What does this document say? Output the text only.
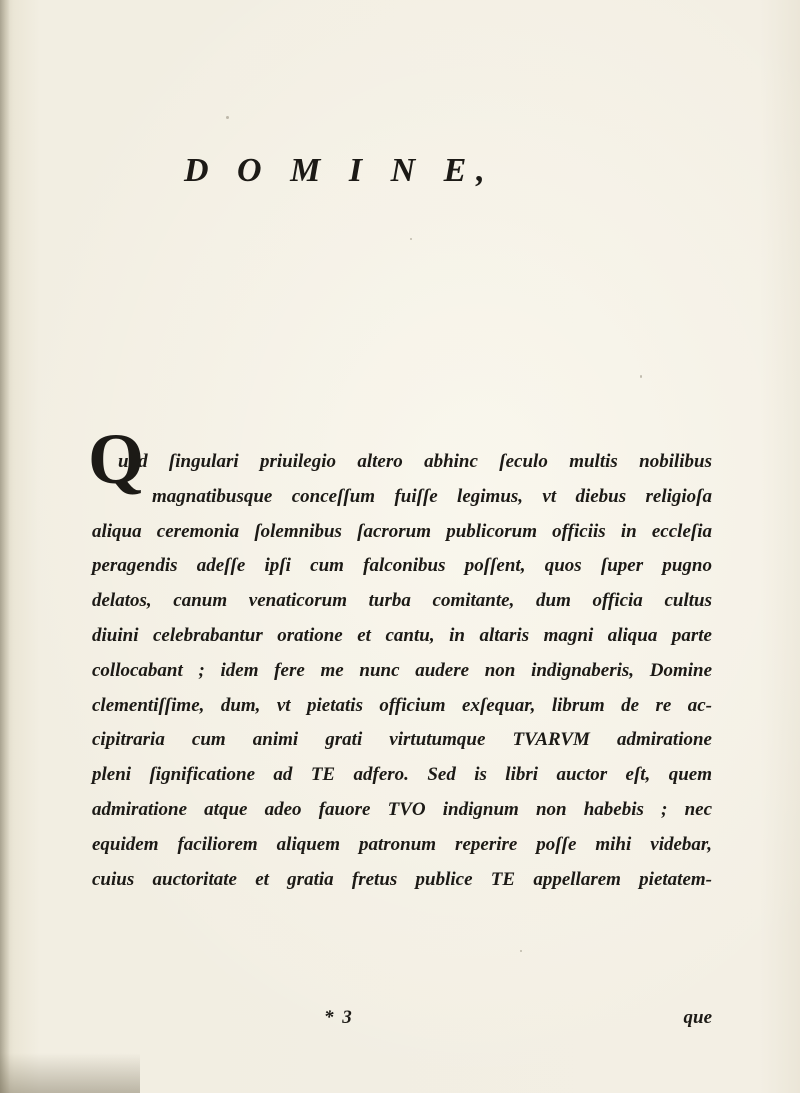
D O M I N E,
Q
uod ſingulari priuilegio altero abhinc ſeculo multis nobilibus
magnatibusque conceſſum fuiſſe legimus, vt diebus religioſa
aliqua ceremonia ſolemnibus ſacrorum publicorum officiis in eccleſia
peragendis adeſſe ipſi cum falconibus poſſent, quos ſuper pugno
delatos, canum venaticorum turba comitante, dum officia cultus
diuini celebrabantur oratione et cantu, in altaris magni aliqua parte
collocabant ; idem fere me nunc audere non indignaberis, Domine
clementiſſime, dum, vt pietatis officium exſequar, librum de re ac-
cipitraria cum animi grati virtutumque TVARVM admiratione
pleni ſignificatione ad TE adfero. Sed is libri auctor eſt, quem
admiratione atque adeo fauore TVO indignum non habebis ; nec
equidem faciliorem aliquem patronum reperire poſſe mihi videbar,
cuius auctoritate et gratia fretus publice TE appellarem pietatem-
* 3	que
